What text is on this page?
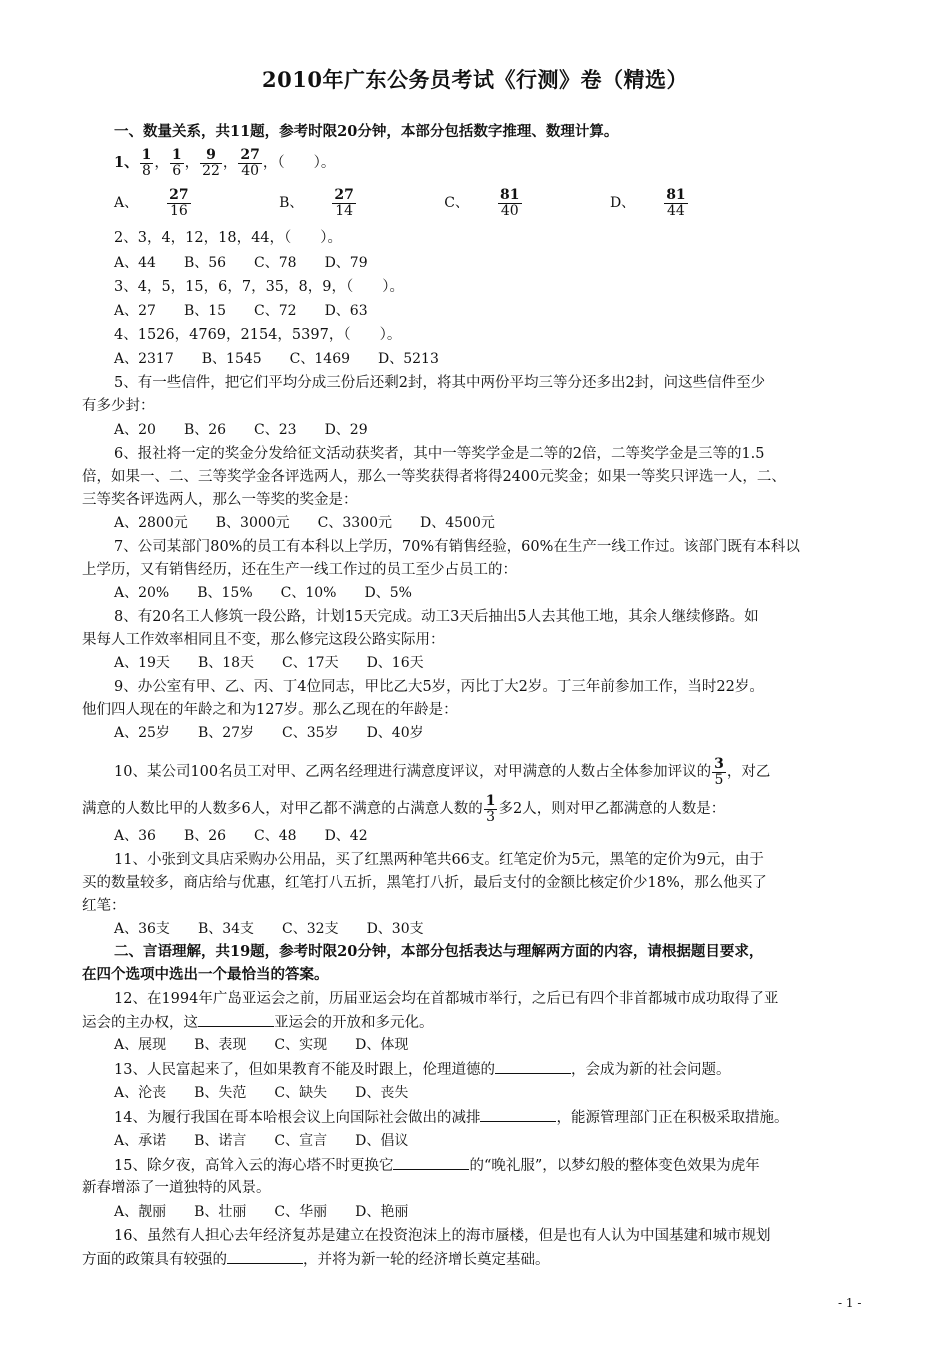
2010年广东公务员考试《行测》卷（精选）
一、数量关系，共11题，参考时限20分钟，本部分包括数字推理、数理计算。
1、 $\frac{1}{8}$ ， $\frac{1}{6}$ ， $\frac{9}{22}$ ， $\frac{27}{40}$ ，（　　）。
A、 $\frac{27}{16}$	B、 $\frac{27}{14}$	C、 $\frac{81}{40}$	D、 $\frac{81}{44}$
2、3，4，12，18，44，（　　）。
A、44 B、56 C、78 D、79
3、4，5，15，6，7，35，8，9，（　　）。
A、27 B、15 C、72 D、63
4、1526，4769，2154，5397，（　　）。
A、2317 B、1545 C、1469 D、5213
5、有一些信件，把它们平均分成三份后还剩2封，将其中两份平均三等分还多出2封，问这些信件至少
有多少封：
A、20 B、26 C、23 D、29
6、报社将一定的奖金分发给征文活动获奖者，其中一等奖学金是二等的2倍，二等奖学金是三等的1.5
倍，如果一、二、三等奖学金各评选两人，那么一等奖获得者将得2400元奖金；如果一等奖只评选一人，二、
三等奖各评选两人，那么一等奖的奖金是：
A、2800元 B、3000元 C、3300元 D、4500元
7、公司某部门80%的员工有本科以上学历，70%有销售经验，60%在生产一线工作过。该部门既有本科以
上学历，又有销售经历，还在生产一线工作过的员工至少占员工的：
A、20% B、15% C、10% D、5%
8、有20名工人修筑一段公路，计划15天完成。动工3天后抽出5人去其他工地，其余人继续修路。如
果每人工作效率相同且不变，那么修完这段公路实际用：
A、19天 B、18天 C、17天 D、16天
9、办公室有甲、乙、丙、丁4位同志，甲比乙大5岁，丙比丁大2岁。丁三年前参加工作，当时22岁。
他们四人现在的年龄之和为127岁。那么乙现在的年龄是：
A、25岁 B、27岁 C、35岁 D、40岁
10、某公司100名员工对甲、乙两名经理进行满意度评议，对甲满意的人数占全体参加评议的 $\frac{3}{5}$ ，对乙
满意的人数比甲的人数多6人，对甲乙都不满意的占满意人数的 $\frac{1}{3}$ 多2人，则对甲乙都满意的人数是：
A、36 B、26 C、48 D、42
11、小张到文具店采购办公用品，买了红黑两种笔共66支。红笔定价为5元，黑笔的定价为9元，由于
买的数量较多，商店给与优惠，红笔打八五折，黑笔打八折，最后支付的金额比核定价少18%，那么他买了
红笔：
A、36支 B、34支 C、32支 D、30支
二、言语理解，共19题，参考时限20分钟，本部分包括表达与理解两方面的内容，请根据题目要求，
在四个选项中选出一个最恰当的答案。
12、在1994年广岛亚运会之前，历届亚运会均在首都城市举行，之后已有四个非首都城市成功取得了亚
运会的主办权，这	亚运会的开放和多元化。
A、展现 B、表现 C、实现 D、体现
13、人民富起来了，但如果教育不能及时跟上，伦理道德的	，会成为新的社会问题。
A、沦丧 B、失范 C、缺失 D、丧失
14、为履行我国在哥本哈根会议上向国际社会做出的减排	，能源管理部门正在积极采取措施。
A、承诺 B、诺言 C、宣言 D、倡议
15、除夕夜，高耸入云的海心塔不时更换它	的“晚礼服”，以梦幻般的整体变色效果为虎年
新春增添了一道独特的风景。
A、靓丽 B、壮丽 C、华丽 D、艳丽
16、虽然有人担心去年经济复苏是建立在投资泡沫上的海市蜃楼，但是也有人认为中国基建和城市规划
方面的政策具有较强的	，并将为新一轮的经济增长奠定基础。
- 1 -
